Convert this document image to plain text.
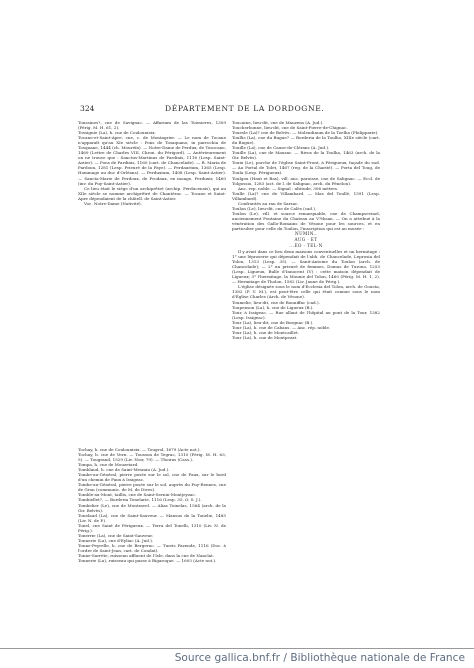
324	DÉPARTEMENT DE LA DORDOGNE.

Toussines?, cne de Savignac. — Affarium de las Toissieres, 1309 (Périg. M. H. 61, 2).

Tossignie (La), h. cne de Coulounieix.

Tocane-et-Saint-Apre, cne, c. de Montagrier. — Le nom de Tocane n'apparaît qu'au XIe siècle : Pons de Tosaquano, in parrochia de Tosquane, 1444 (ch. Mouréïn). — Notre-Dame de Perdux, de Tosocane, 1469 (Lettre de Charles VIII, Chron. du Périgord). — Antérieurement on ne trouve que : Sanctus-Martinus de Pardinis, 1116 (Lesp. Saint-Astier). — Pons de Pardinis, 1160 (cart. de Chancelade). — B. Maria de Pardoux, 1281 (Lesp. Prieuré de la Faye). — Perdaurium, 1365 (Lesp. Hommage au duc d'Orléans). — Perduxium, 1408 (Lesp. Saint-Astier). — Sancta-Marie de Perdoux, de Prodaux, ex monge, Perduxir, 1460 (inv. du Puy-Saint-Astier).

Ce lieu était le siège d'un archiprêtré (archip. Perducensis), qui au XIIe siècle se nomme archiprêtré de Chantérac. — Tocane et Saint-Apre dépendaient de la châtell. de Saint-Astier.

Voc. Notre-Dame (Nativité).

Tochay, h. cne de Coulounieix. — Tougrol, 1679 (Acte not.).

Tochay, h. cne de Vern. — Tousson de Tegrac, 1310 (Périg. M. H. 63, 5). — Tougrand, 1529 (Liv. Noir, 79). — Thoiras (Cass.).

Tompa, h. cne de Mouzetard.

Tomblaud, h. cne de Saint-Mesmin (A. Jud.).

Tombe-au-Général, pierre posée sur le sol, cne de Faux, sur le bord d'un chemin de Faux à Issigeac.

Tombe-au-Général, pierre posée sur le sol, auprès du Puy-Rennes, cne de Gron (communic. de M. de Dives).

Tomble-au-Mont, taillis, cne de Saint-Sernin-Montjeyzac.

Tombiellet?, — Borderia Tonelarie, 1116 (Lesp. 35, O. S. J.).

Tombelier (Le), cne de Montravel. — Alias Toinelas, 1564 (arch. de la Gir. Belvès).

Tonelaud (La), cne de Saint-Sauveur. — Mansus de la Tonelie, 1485 (Liv. N. de P.).

Tonel, cne Saint de Périgueux. — Terra del Tonelh, 1310 (Liv. N. de Périg.).

Tonerrie (La), cne de Saint-Sauveur.

Tonnerie (La), cne d'Eyliac (A. Jud.).

Tonne-Peyrelle, h. cne de Bergerac. — Turris Fazende, 1116 (Doc. à l'ordre de Saint-Jean, cart. de Condat).

Tonne-Sarrète, ruisseau affluent de l'Isle, dans la cne de Nanclat.

Tonnerie (La), ruisseau qui passe à Bigaroque. — 1603 (Acte not.).

Toucaine, lieu-dit, cne de Mauzens (A. Jud.).

Toucherbonne, lieu-dit, cne de Saint-Pierre-de-Chignac.

Touesle (La)? cne de Belvès. — Molendinum de la Toelha (Philipparie).

Toullis (La), cne du Bugue? — Borderia de la Toulho, XIIIe siècle (cart. du Bugue).

Touille (La), cne de Cause-de-Clérans (A. Jud.).

Touille (La), cne de Mauzac. — Rivus de la Toulha, 1463 (arch. de la Gir. Belvès).

Touix (Le), porche de l'église Saint-Front, à Périgueux, façade du sud. — Au Portal de Tolet, 1467 (reg. de la Charité). — Porta del Toug, de Toula (Lesp. Périgueux).

Toulgou (Haut et Bas), vill. anc. paroisse, cne de Salignac. — Eccl. de Tolgossio, 1283 (act. de l. de Salignac, arch. du Fénelon).

Anc. rep. noble. — Signal : altitude, 306 mètres.

Toulle (La)? cne de Villambard. — Mas del Toullé, 1591 (Lesp. Villambard).

Confrontés au rau de Sarzac.

Toulon (Le), lieu-dit, cne de Calès (cad.).

Toulon (Le), vill. et source remarquable, cne de Champsevinel, anciennement Fontaine du Chateau au V?thsan. — On a attribué à la vénération des Gallo-Romains de Vésone pour les sources, et en particulier pour celle du Toulon, l'inscription qui est au musée :

NUMIN..

AUG · ET

...EO · TEL·N

Il y avait dans ce lieu deux maisons conventuelles et un hermitage : 1° une léproserie qui dépendait de l'abb. de Chancelade, Leprosia del Tolon, 1313 (Lesp. 35). — Sanit-Antoine du Toulon (arch. de Chancelade); — 2° un prieuré de femmes, Domus de Turono, 1253 (Lesp. Ligueux, Bulle d'Innocent IV) : cette maison dépendait de Ligueux; 3° l'hermitage, la Mounie del Tolon, 1460 (Périg. M. H. 1, 2). — Hermitage de Tholon, 1582 (Liv. Jaune de Périg.).

L'église désignée sous le nom d'Ecclesia del Tolon, arch. de Gousta, 1382 (P. V. M.), est peut-être celle qui était connue sous le nom d'Église Charles (Arch. de Vésone).

Toumelie, lieu-dit, cne de Bouniffac (cad.).

Toupenson (La), h. cne de Ligueux (B.).

Tour, à Issigeac. — Rue allant de l'hôpital au pont de la Tour, 1382 (Lesp. Issigeac).

Tour (La), lieu-dit, cne de Borgnac (B.).

Tour (La), h. cne de Cabans. — Anc. rép. noble.

Tour (La), h. cne de Montcaillet.

Tour (La), h. cne de Montpezat.

Source gallica.bnf.fr / Bibliothèque nationale de France
